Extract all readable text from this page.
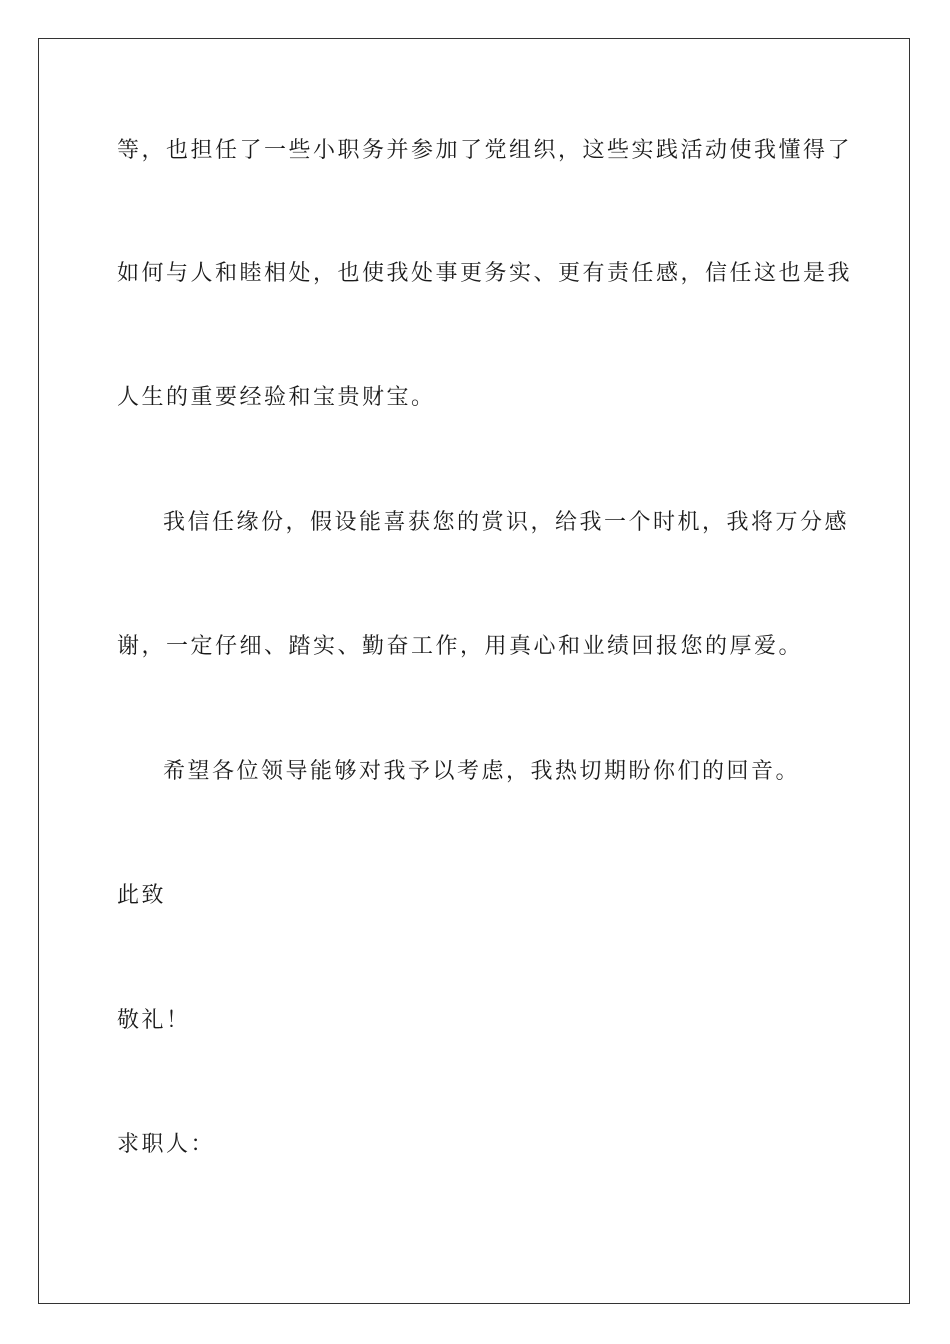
等，也担任了一些小职务并参加了党组织，这些实践活动使我懂得了
如何与人和睦相处，也使我处事更务实、更有责任感，信任这也是我
人生的重要经验和宝贵财宝。
我信任缘份，假设能喜获您的赏识，给我一个时机，我将万分感
谢，一定仔细、踏实、勤奋工作，用真心和业绩回报您的厚爱。
希望各位领导能够对我予以考虑，我热切期盼你们的回音。
此致
敬礼！
求职人：
